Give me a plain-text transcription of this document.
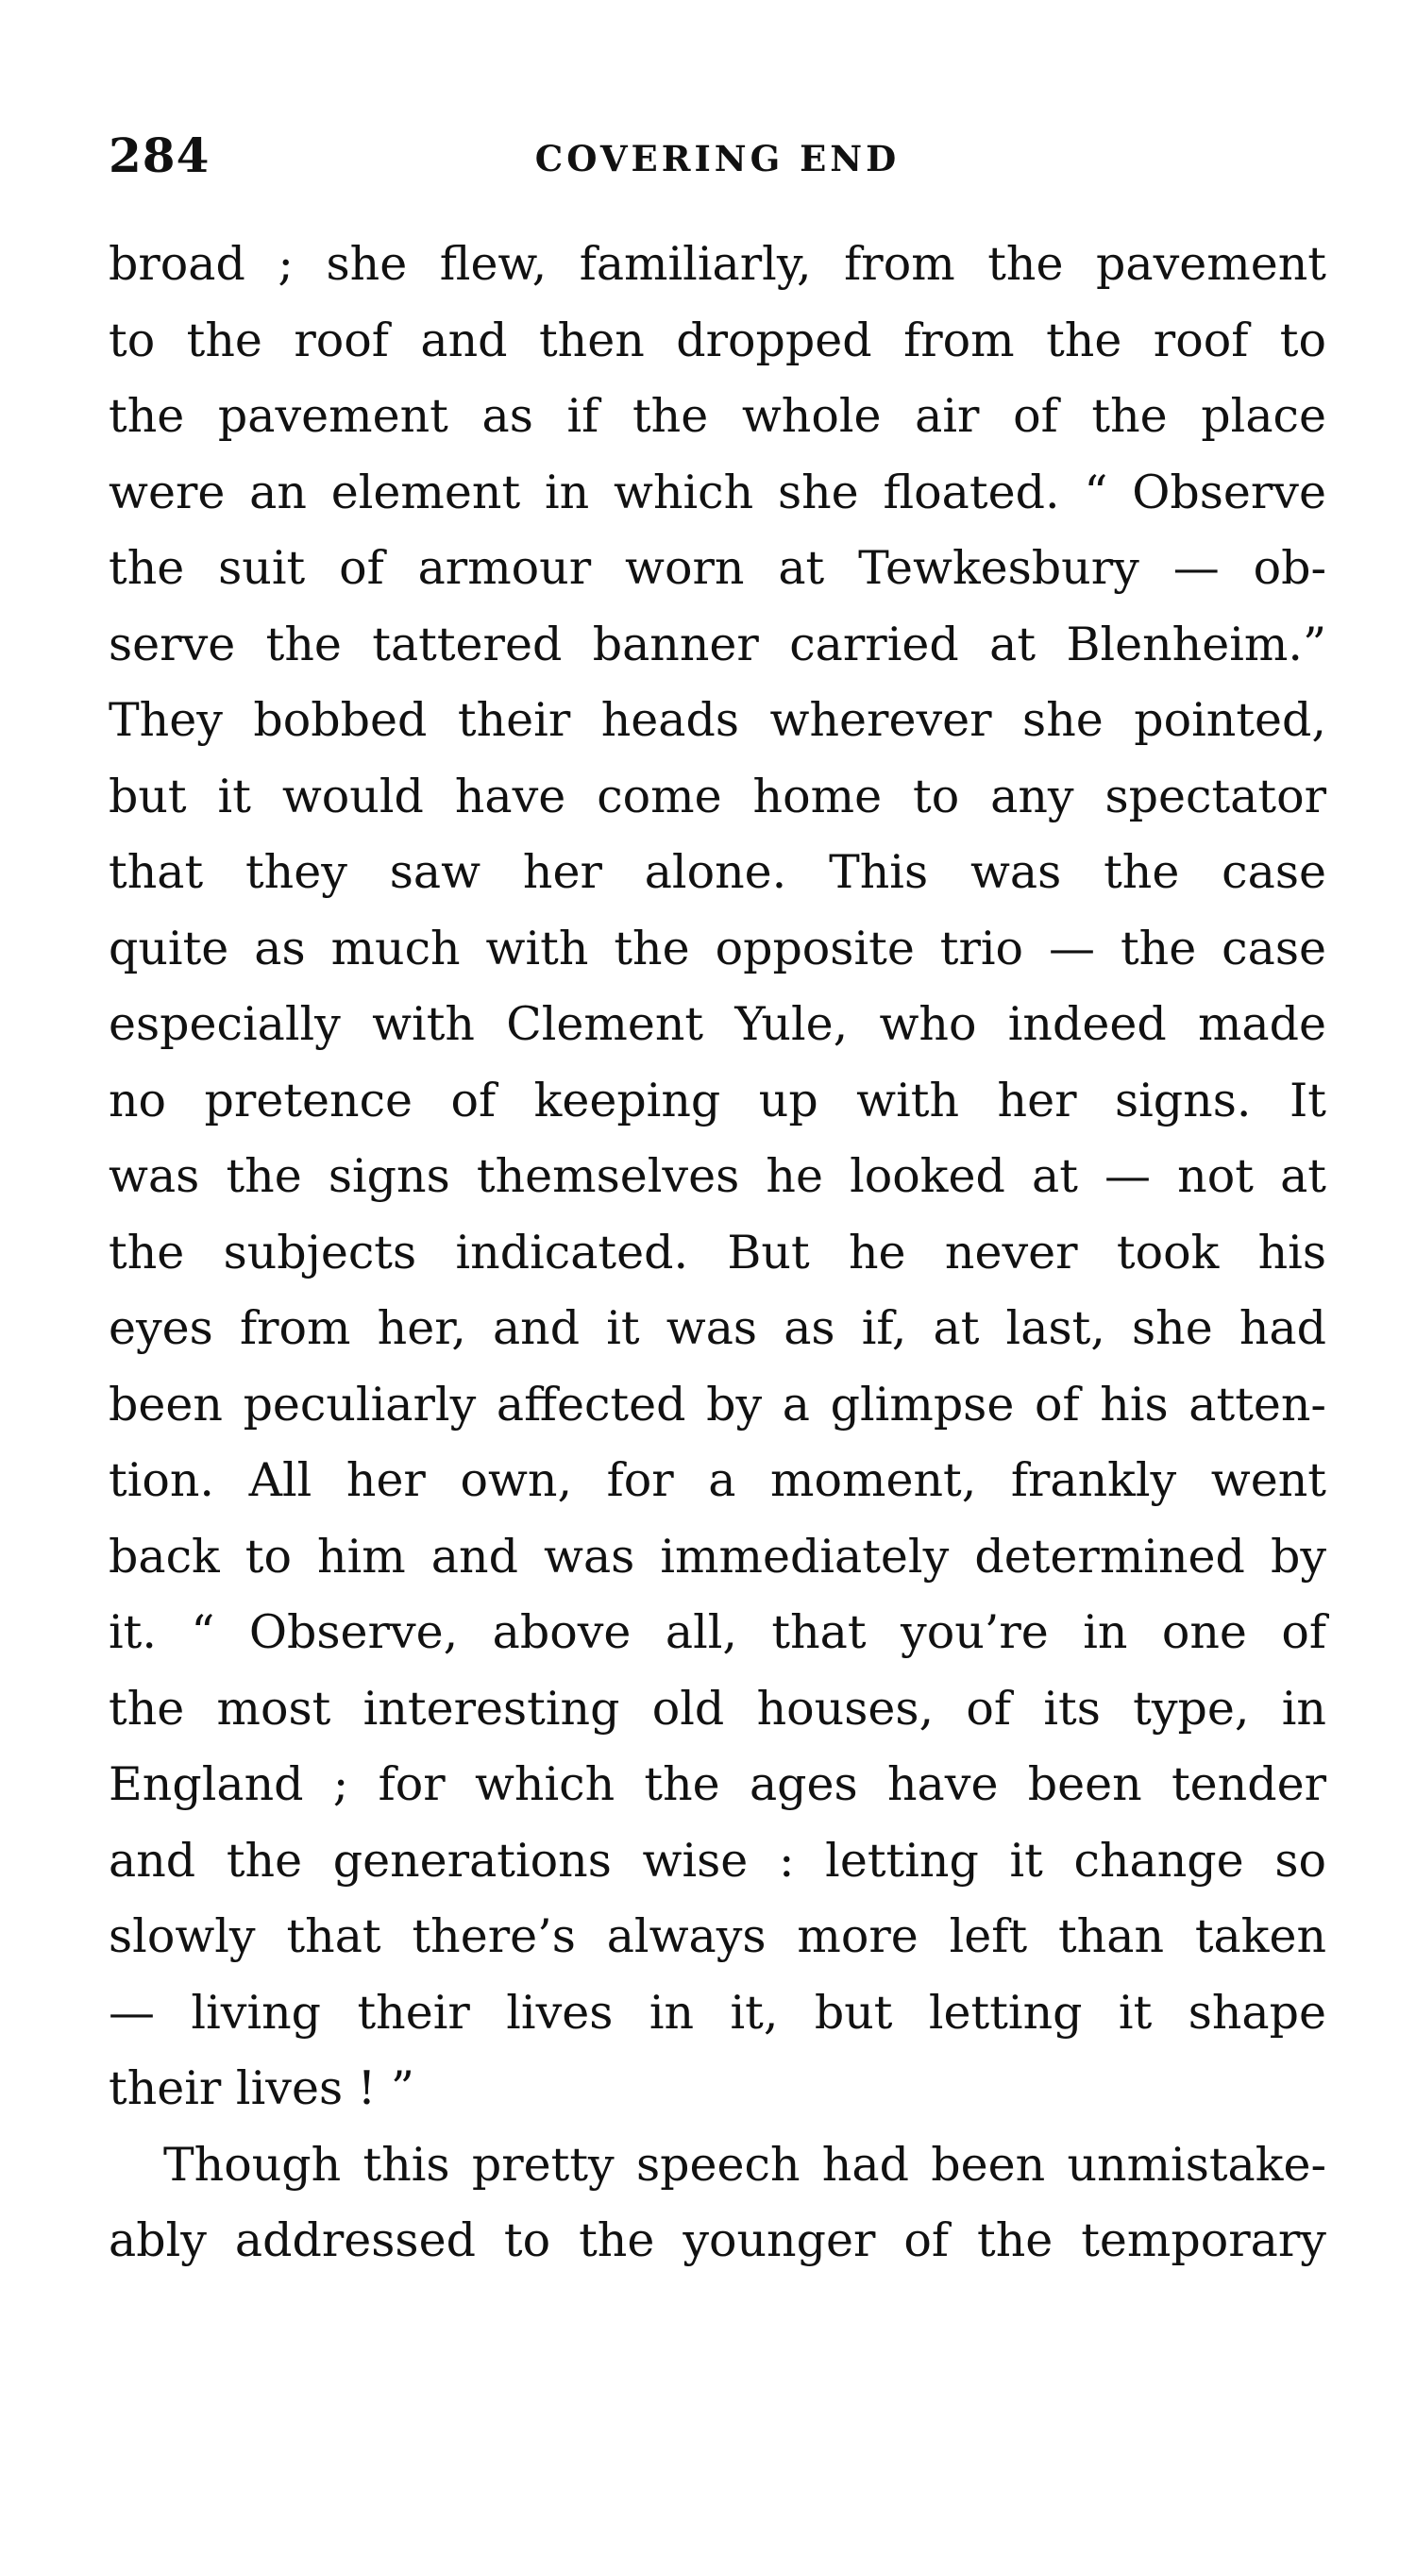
284	COVERING END
broad ; she flew, familiarly, from the pavement
to the roof and then dropped from the roof to
the pavement as if the whole air of the place
were an element in which she floated. “ Observe
the suit of armour worn at Tewkesbury — ob-
serve the tattered banner carried at Blenheim.”
They bobbed their heads wherever she pointed,
but it would have come home to any spectator
that they saw her alone. This was the case
quite as much with the opposite trio — the case
especially with Clement Yule, who indeed made
no pretence of keeping up with her signs. It
was the signs themselves he looked at — not at
the subjects indicated. But he never took his
eyes from her, and it was as if, at last, she had
been peculiarly affected by a glimpse of his atten-
tion. All her own, for a moment, frankly went
back to him and was immediately determined by
it. “ Observe, above all, that you’re in one of
the most interesting old houses, of its type, in
England ; for which the ages have been tender
and the generations wise : letting it change so
slowly that there’s always more left than taken
— living their lives in it, but letting it shape
their lives ! ”
Though this pretty speech had been unmistake-
ably addressed to the younger of the temporary
